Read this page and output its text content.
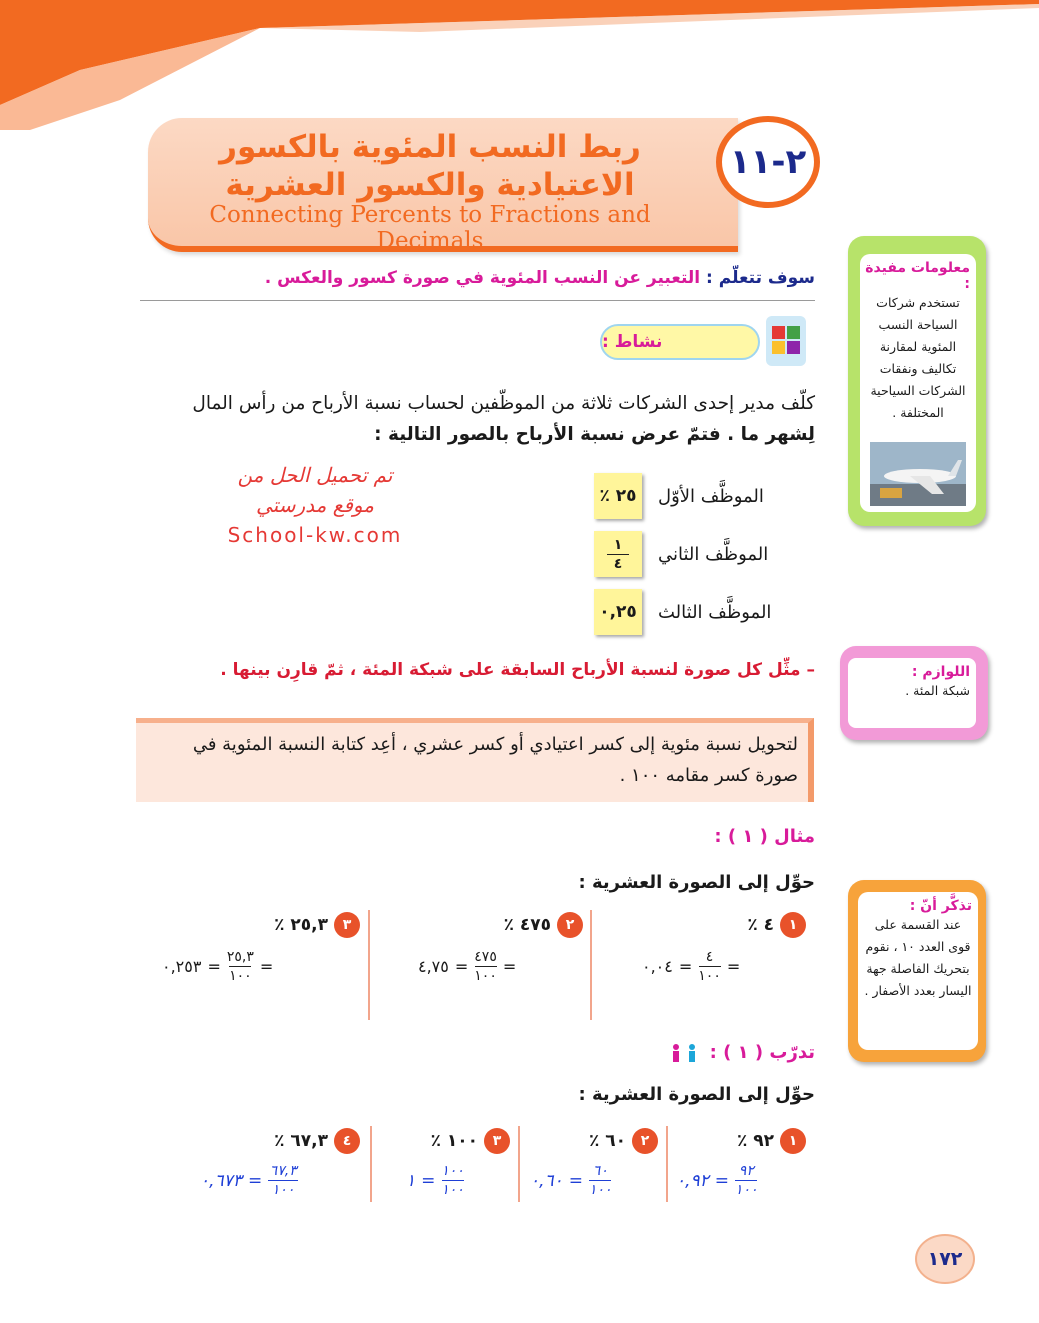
٢-١١
ربط النسب المئوية بالكسور الاعتيادية والكسور العشرية
Connecting Percents to Fractions and Decimals
سوف تتعلّم : التعبير عن النسب المئوية في صورة كسور والعكس .
نشاط :
كلّف مدير إحدى الشركات ثلاثة من الموظّفين لحساب نسبة الأرباح من رأس المال
لِشهر ما . فتمّ عرض نسبة الأرباح بالصور التالية :
الموظَّف الأوّل
٢٥ ٪
الموظَّف الثاني
$\frac{١}{٤}$
الموظَّف الثالث
٠,٢٥
تم تحميل الحل من
موقع مدرستي
School-kw.com
– مثِّل كل صورة لنسبة الأرباح السابقة على شبكة المئة ، ثمّ قارِن بينها .
لتحويل نسبة مئوية إلى كسر اعتيادي أو كسر عشري ، أعِد كتابة النسبة المئوية في صورة كسر مقامه ١٠٠ .
مثال ( ١ ) :
حوِّل إلى الصورة العشرية :
١
٤ ٪
٠,٠٤ = $\frac{٤}{١٠٠}$ =
٢
٤٧٥ ٪
٤,٧٥ = $\frac{٤٧٥}{١٠٠}$ =
٣
٢٥,٣ ٪
٠,٢٥٣ = $\frac{٢٥,٣}{١٠٠}$ =
تدرّب ( ١ ) :
حوِّل إلى الصورة العشرية :
١
٩٢ ٪
٠,٩٢ = $\frac{٩٢}{١٠٠}$
٢
٦٠ ٪
٠,٦٠ = $\frac{٦٠}{١٠٠}$
٣
١٠٠ ٪
١ = $\frac{١٠٠}{١٠٠}$
٤
٦٧,٣ ٪
٠,٦٧٣ = $\frac{٦٧,٣}{١٠٠}$
معلومات مفيدة :
تستخدم شركات السياحة النسب المئوية لمقارنة تكاليف ونفقات الشركات السياحية المختلفة .
اللوازم :
شبكة المئة .
تذكَّر أنّ :
عند القسمة على قوى العدد ١٠ ، نقوم بتحريك الفاصلة جهة اليسار بعدد الأصفار .
١٧٢
